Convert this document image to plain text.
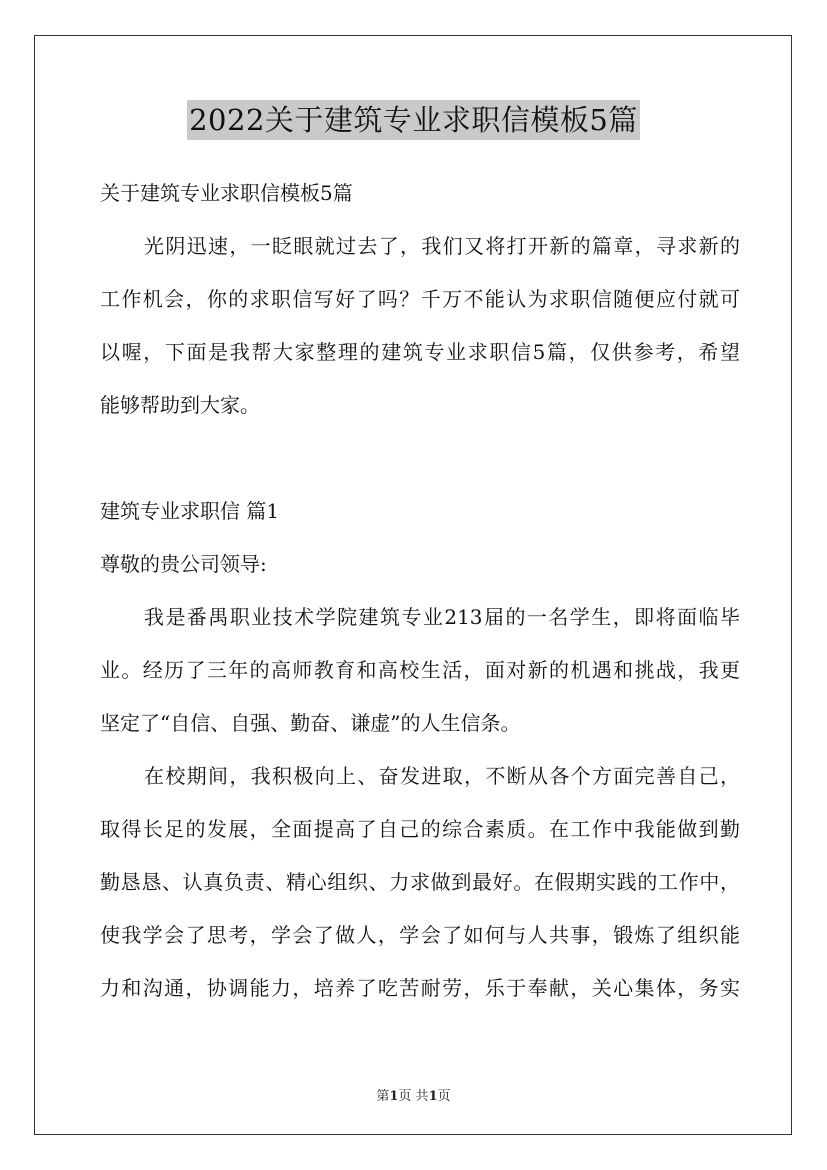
2022关于建筑专业求职信模板5篇
关于建筑专业求职信模板5篇
光阴迅速，一眨眼就过去了，我们又将打开新的篇章，寻求新的
工作机会，你的求职信写好了吗？千万不能认为求职信随便应付就可
以喔，下面是我帮大家整理的建筑专业求职信5篇，仅供参考，希望
能够帮助到大家。
建筑专业求职信 篇1
尊敬的贵公司领导:
我是番禺职业技术学院建筑专业213届的一名学生，即将面临毕
业。经历了三年的高师教育和高校生活，面对新的机遇和挑战，我更
坚定了“自信、自强、勤奋、谦虚”的人生信条。
在校期间，我积极向上、奋发进取，不断从各个方面完善自己，
取得长足的发展，全面提高了自己的综合素质。在工作中我能做到勤
勤恳恳、认真负责、精心组织、力求做到最好。在假期实践的工作中，
使我学会了思考，学会了做人，学会了如何与人共事，锻炼了组织能
力和沟通，协调能力，培养了吃苦耐劳，乐于奉献，关心集体，务实
第1页 共1页
